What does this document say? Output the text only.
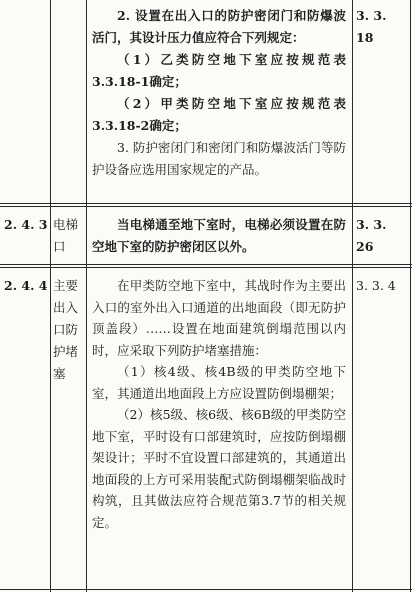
2. 设置在出入口的防护密闭门和防爆波活门，其设计压力值应符合下列规定：

（1）乙类防空地下室应按规范表3.3.18-1确定；

（2）甲类防空地下室应按规范表3.3.18-2确定；

3. 防护密闭门和密闭门和防爆波活门等防护设备应选用国家规定的产品。

3. 3. 18
2. 4. 3 电梯口

当电梯通至地下室时，电梯必须设置在防空地下室的防护密闭区以外。

3. 3. 26
2. 4. 4 主要出入口防护堵塞

在甲类防空地下室中，其战时作为主要出入口的室外出入口通道的出地面段（即无防护顶盖段）……设置在地面建筑倒塌范围以内时，应采取下列防护堵塞措施：

（1）核4级、核4B级的甲类防空地下室，其通道出地面段上方应设置防倒塌棚架；

（2）核5级、核6级、核6B级的甲类防空地下室，平时设有口部建筑时，应按防倒塌棚架设计；平时不宜设置口部建筑的，其通道出地面段的上方可采用装配式防倒塌棚架临战时构筑，且其做法应符合规范第3.7节的相关规定。

3. 3. 4
